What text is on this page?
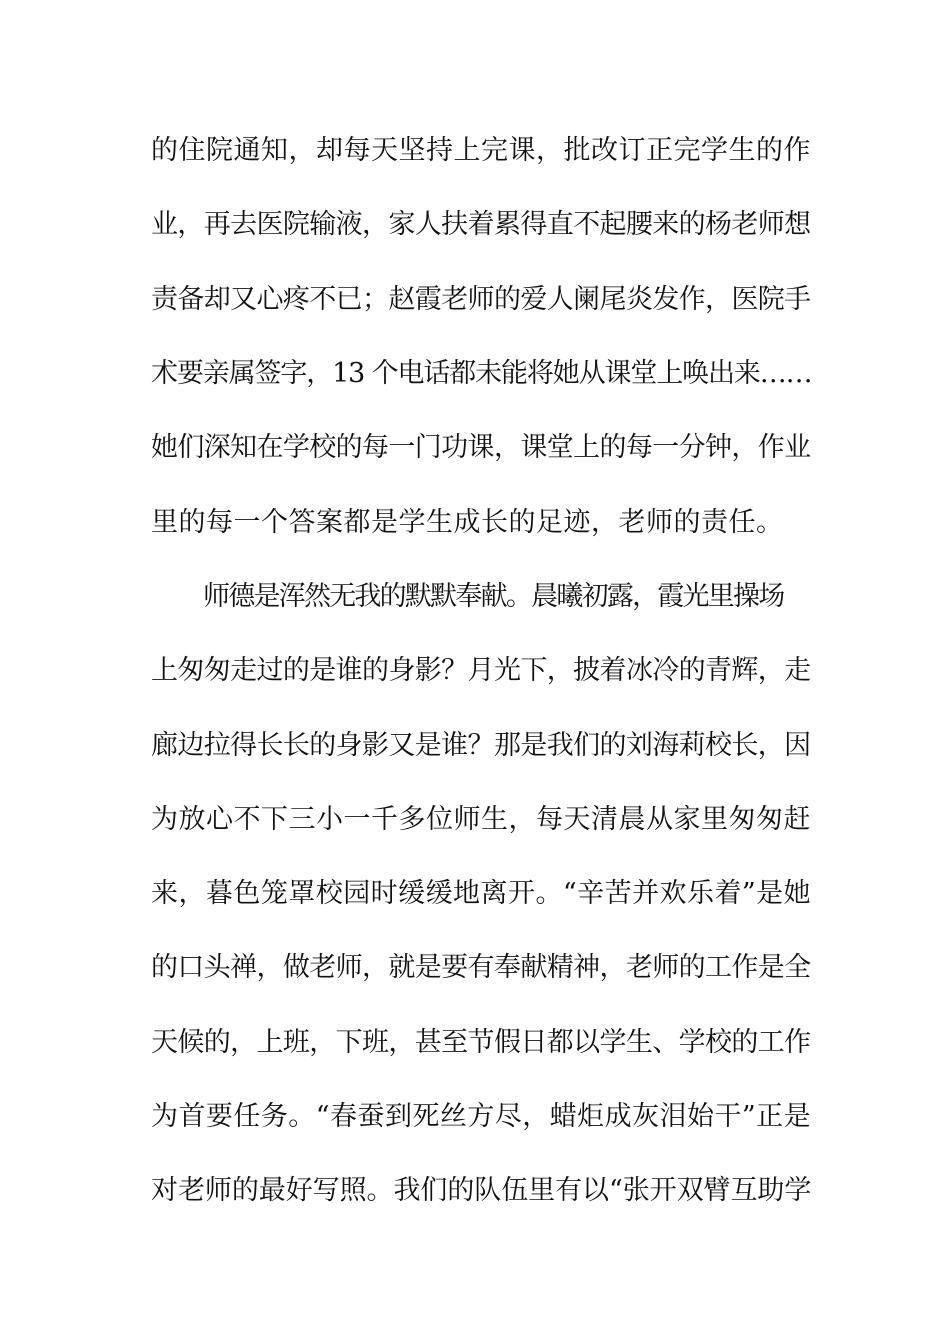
的住院通知，却每天坚持上完课，批改订正完学生的作
业，再去医院输液，家人扶着累得直不起腰来的杨老师想
责备却又心疼不已；赵霞老师的爱人阑尾炎发作，医院手
术要亲属签字，13 个电话都未能将她从课堂上唤出来……
她们深知在学校的每一门功课，课堂上的每一分钟，作业
里的每一个答案都是学生成长的足迹，老师的责任。
师德是浑然无我的默默奉献。晨曦初露，霞光里操场
上匆匆走过的是谁的身影？月光下，披着冰冷的青辉，走
廊边拉得长长的身影又是谁？那是我们的刘海莉校长，因
为放心不下三小一千多位师生，每天清晨从家里匆匆赶
来，暮色笼罩校园时缓缓地离开。“辛苦并欢乐着”是她
的口头禅，做老师，就是要有奉献精神，老师的工作是全
天候的，上班，下班，甚至节假日都以学生、学校的工作
为首要任务。“春蚕到死丝方尽，蜡炬成灰泪始干”正是
对老师的最好写照。我们的队伍里有以“张开双臂互助学
